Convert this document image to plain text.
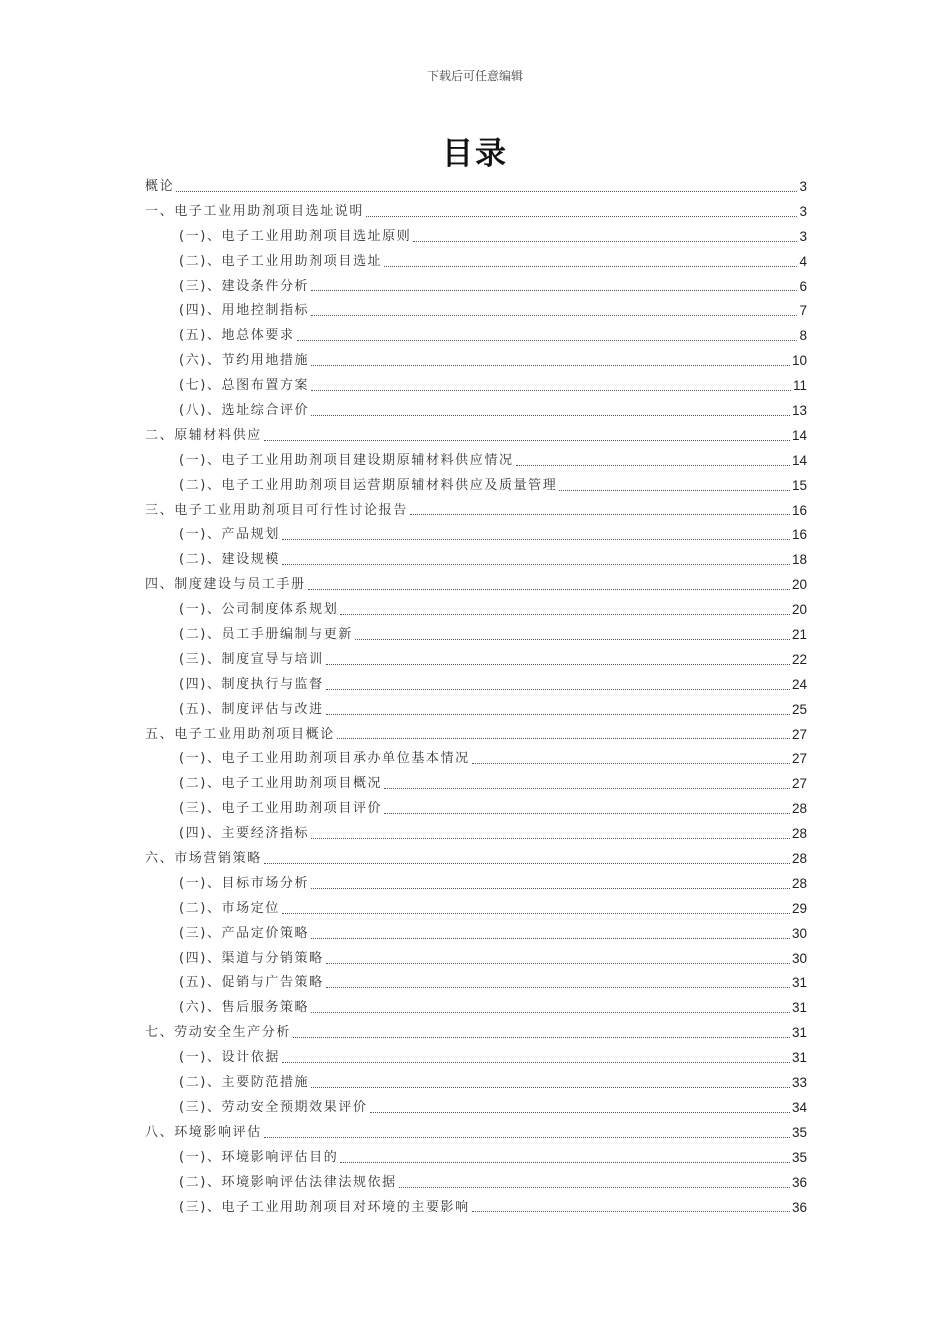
下载后可任意编辑
目录
概论	3
一、电子工业用助剂项目选址说明	3
(一)、电子工业用助剂项目选址原则	3
(二)、电子工业用助剂项目选址	4
(三)、建设条件分析	6
(四)、用地控制指标	7
(五)、地总体要求	8
(六)、节约用地措施	10
(七)、总图布置方案	11
(八)、选址综合评价	13
二、原辅材料供应	14
(一)、电子工业用助剂项目建设期原辅材料供应情况	14
(二)、电子工业用助剂项目运营期原辅材料供应及质量管理	15
三、电子工业用助剂项目可行性讨论报告	16
(一)、产品规划	16
(二)、建设规模	18
四、制度建设与员工手册	20
(一)、公司制度体系规划	20
(二)、员工手册编制与更新	21
(三)、制度宣导与培训	22
(四)、制度执行与监督	24
(五)、制度评估与改进	25
五、电子工业用助剂项目概论	27
(一)、电子工业用助剂项目承办单位基本情况	27
(二)、电子工业用助剂项目概况	27
(三)、电子工业用助剂项目评价	28
(四)、主要经济指标	28
六、市场营销策略	28
(一)、目标市场分析	28
(二)、市场定位	29
(三)、产品定价策略	30
(四)、渠道与分销策略	30
(五)、促销与广告策略	31
(六)、售后服务策略	31
七、劳动安全生产分析	31
(一)、设计依据	31
(二)、主要防范措施	33
(三)、劳动安全预期效果评价	34
八、环境影响评估	35
(一)、环境影响评估目的	35
(二)、环境影响评估法律法规依据	36
(三)、电子工业用助剂项目对环境的主要影响	36
